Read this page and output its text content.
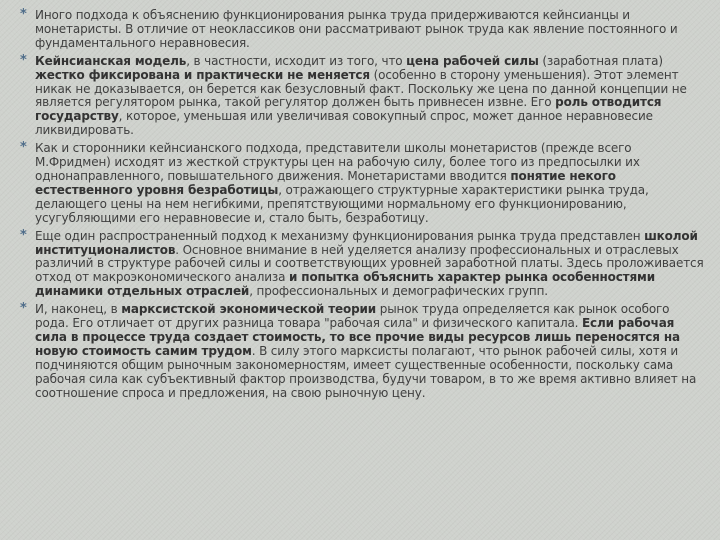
* Иного подхода к объяснению функционирования рынка труда придерживаются кейнсианцы и монетаристы. В отличие от неоклассиков они расcматривают рынок труда как явление постоянного и фундаментального неравновесия.
* Кейнсианская модель, в частности, исходит из того, что цена рабочей силы (заработная плата) жестко фиксирована и практически не меняется (особенно в сторону уменьшения). Этот элемент никак не доказывается, он берется как безусловный факт. Поскольку же цена по данной концепции не является регулятором рынка, такой регулятор должен быть привнесен извне. Его роль отводится государству, которое, уменьшая или увеличивая совокупный спрос, может данное неравновесие ликвидировать.
* Как и сторонники кейнсианского подхода, представители школы монетаристов (прежде всего М.Фридмен) исходят из жесткой структуры цен на рабочую силу, более того из предпосылки их однонаправленного, повышательного движения. Монетаристами вводится понятие некого естественного уровня безработицы, отражающего структурные характеристики рынка труда, делающего цены на нем негибкими, препятствующими нормальному его функционированию, усугубляющими его неравновесие и, стало быть, безработицу.
* Еще один распространенный подход к механизму функционирования рынка труда представлен школой институционалистов. Основное внимание в ней уделяется анализу профессиональных и отраслевых различий в структуре рабочей силы и соответствующих уровней заработной платы. Здесь проложивается отход от макроэкономического анализа и попытка объяснить характер рынка особенностями динамики отдельных отраслей, профессиональных и демографических групп.
* И, наконец, в марксистской экономической теории рынок труда определяется как рынок особого рода. Его отличает от других разница товара "рабочая сила" и физического капитала. Если рабочая сила в процессе труда создает стоимость, то все прочие виды ресурсов лишь переносятся на новую стоимость самим трудом. В силу этого марксисты полагают, что рынок рабочей силы, хотя и подчиняются общим рыночным закономерностям, имеет существенные особенности, поскольку сама рабочая сила как субъективный фактор производства, будучи товаром, в то же время активно влияет на соотношение спроса и предложения, на свою рыночную цену.
